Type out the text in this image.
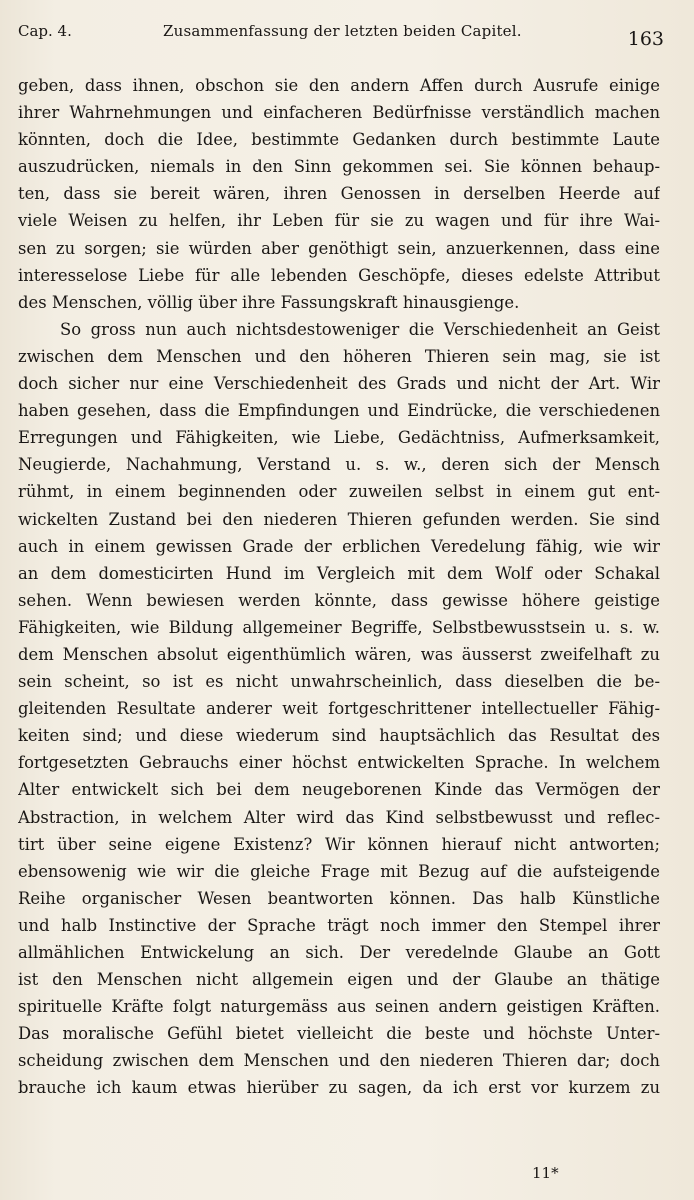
Cap. 4.	Zusammenfassung der letzten beiden Capitel.	163
geben, dass ihnen, obschon sie den andern Affen durch Ausrufe einige
ihrer Wahrnehmungen und einfacheren Bedürfnisse verständlich machen
könnten, doch die Idee, bestimmte Gedanken durch bestimmte Laute
auszudrücken, niemals in den Sinn gekommen sei. Sie können behaup-
ten, dass sie bereit wären, ihren Genossen in derselben Heerde auf
viele Weisen zu helfen, ihr Leben für sie zu wagen und für ihre Wai-
sen zu sorgen; sie würden aber genöthigt sein, anzuerkennen, dass eine
interesselose Liebe für alle lebenden Geschöpfe, dieses edelste Attribut
des Menschen, völlig über ihre Fassungskraft hinausgienge.
So gross nun auch nichtsdestoweniger die Verschiedenheit an Geist
zwischen dem Menschen und den höheren Thieren sein mag, sie ist
doch sicher nur eine Verschiedenheit des Grads und nicht der Art. Wir
haben gesehen, dass die Empfindungen und Eindrücke, die verschiedenen
Erregungen und Fähigkeiten, wie Liebe, Gedächtniss, Aufmerksamkeit,
Neugierde, Nachahmung, Verstand u. s. w., deren sich der Mensch
rühmt, in einem beginnenden oder zuweilen selbst in einem gut ent-
wickelten Zustand bei den niederen Thieren gefunden werden. Sie sind
auch in einem gewissen Grade der erblichen Veredelung fähig, wie wir
an dem domesticirten Hund im Vergleich mit dem Wolf oder Schakal
sehen. Wenn bewiesen werden könnte, dass gewisse höhere geistige
Fähigkeiten, wie Bildung allgemeiner Begriffe, Selbstbewusstsein u. s. w.
dem Menschen absolut eigenthümlich wären, was äusserst zweifelhaft zu
sein scheint, so ist es nicht unwahrscheinlich, dass dieselben die be-
gleitenden Resultate anderer weit fortgeschrittener intellectueller Fähig-
keiten sind; und diese wiederum sind hauptsächlich das Resultat des
fortgesetzten Gebrauchs einer höchst entwickelten Sprache. In welchem
Alter entwickelt sich bei dem neugeborenen Kinde das Vermögen der
Abstraction, in welchem Alter wird das Kind selbstbewusst und reflec-
tirt über seine eigene Existenz? Wir können hierauf nicht antworten;
ebensowenig wie wir die gleiche Frage mit Bezug auf die aufsteigende
Reihe organischer Wesen beantworten können. Das halb Künstliche
und halb Instinctive der Sprache trägt noch immer den Stempel ihrer
allmählichen Entwickelung an sich. Der veredelnde Glaube an Gott
ist den Menschen nicht allgemein eigen und der Glaube an thätige
spirituelle Kräfte folgt naturgemäss aus seinen andern geistigen Kräften.
Das moralische Gefühl bietet vielleicht die beste und höchste Unter-
scheidung zwischen dem Menschen und den niederen Thieren dar; doch
brauche ich kaum etwas hierüber zu sagen, da ich erst vor kurzem zu
11*
